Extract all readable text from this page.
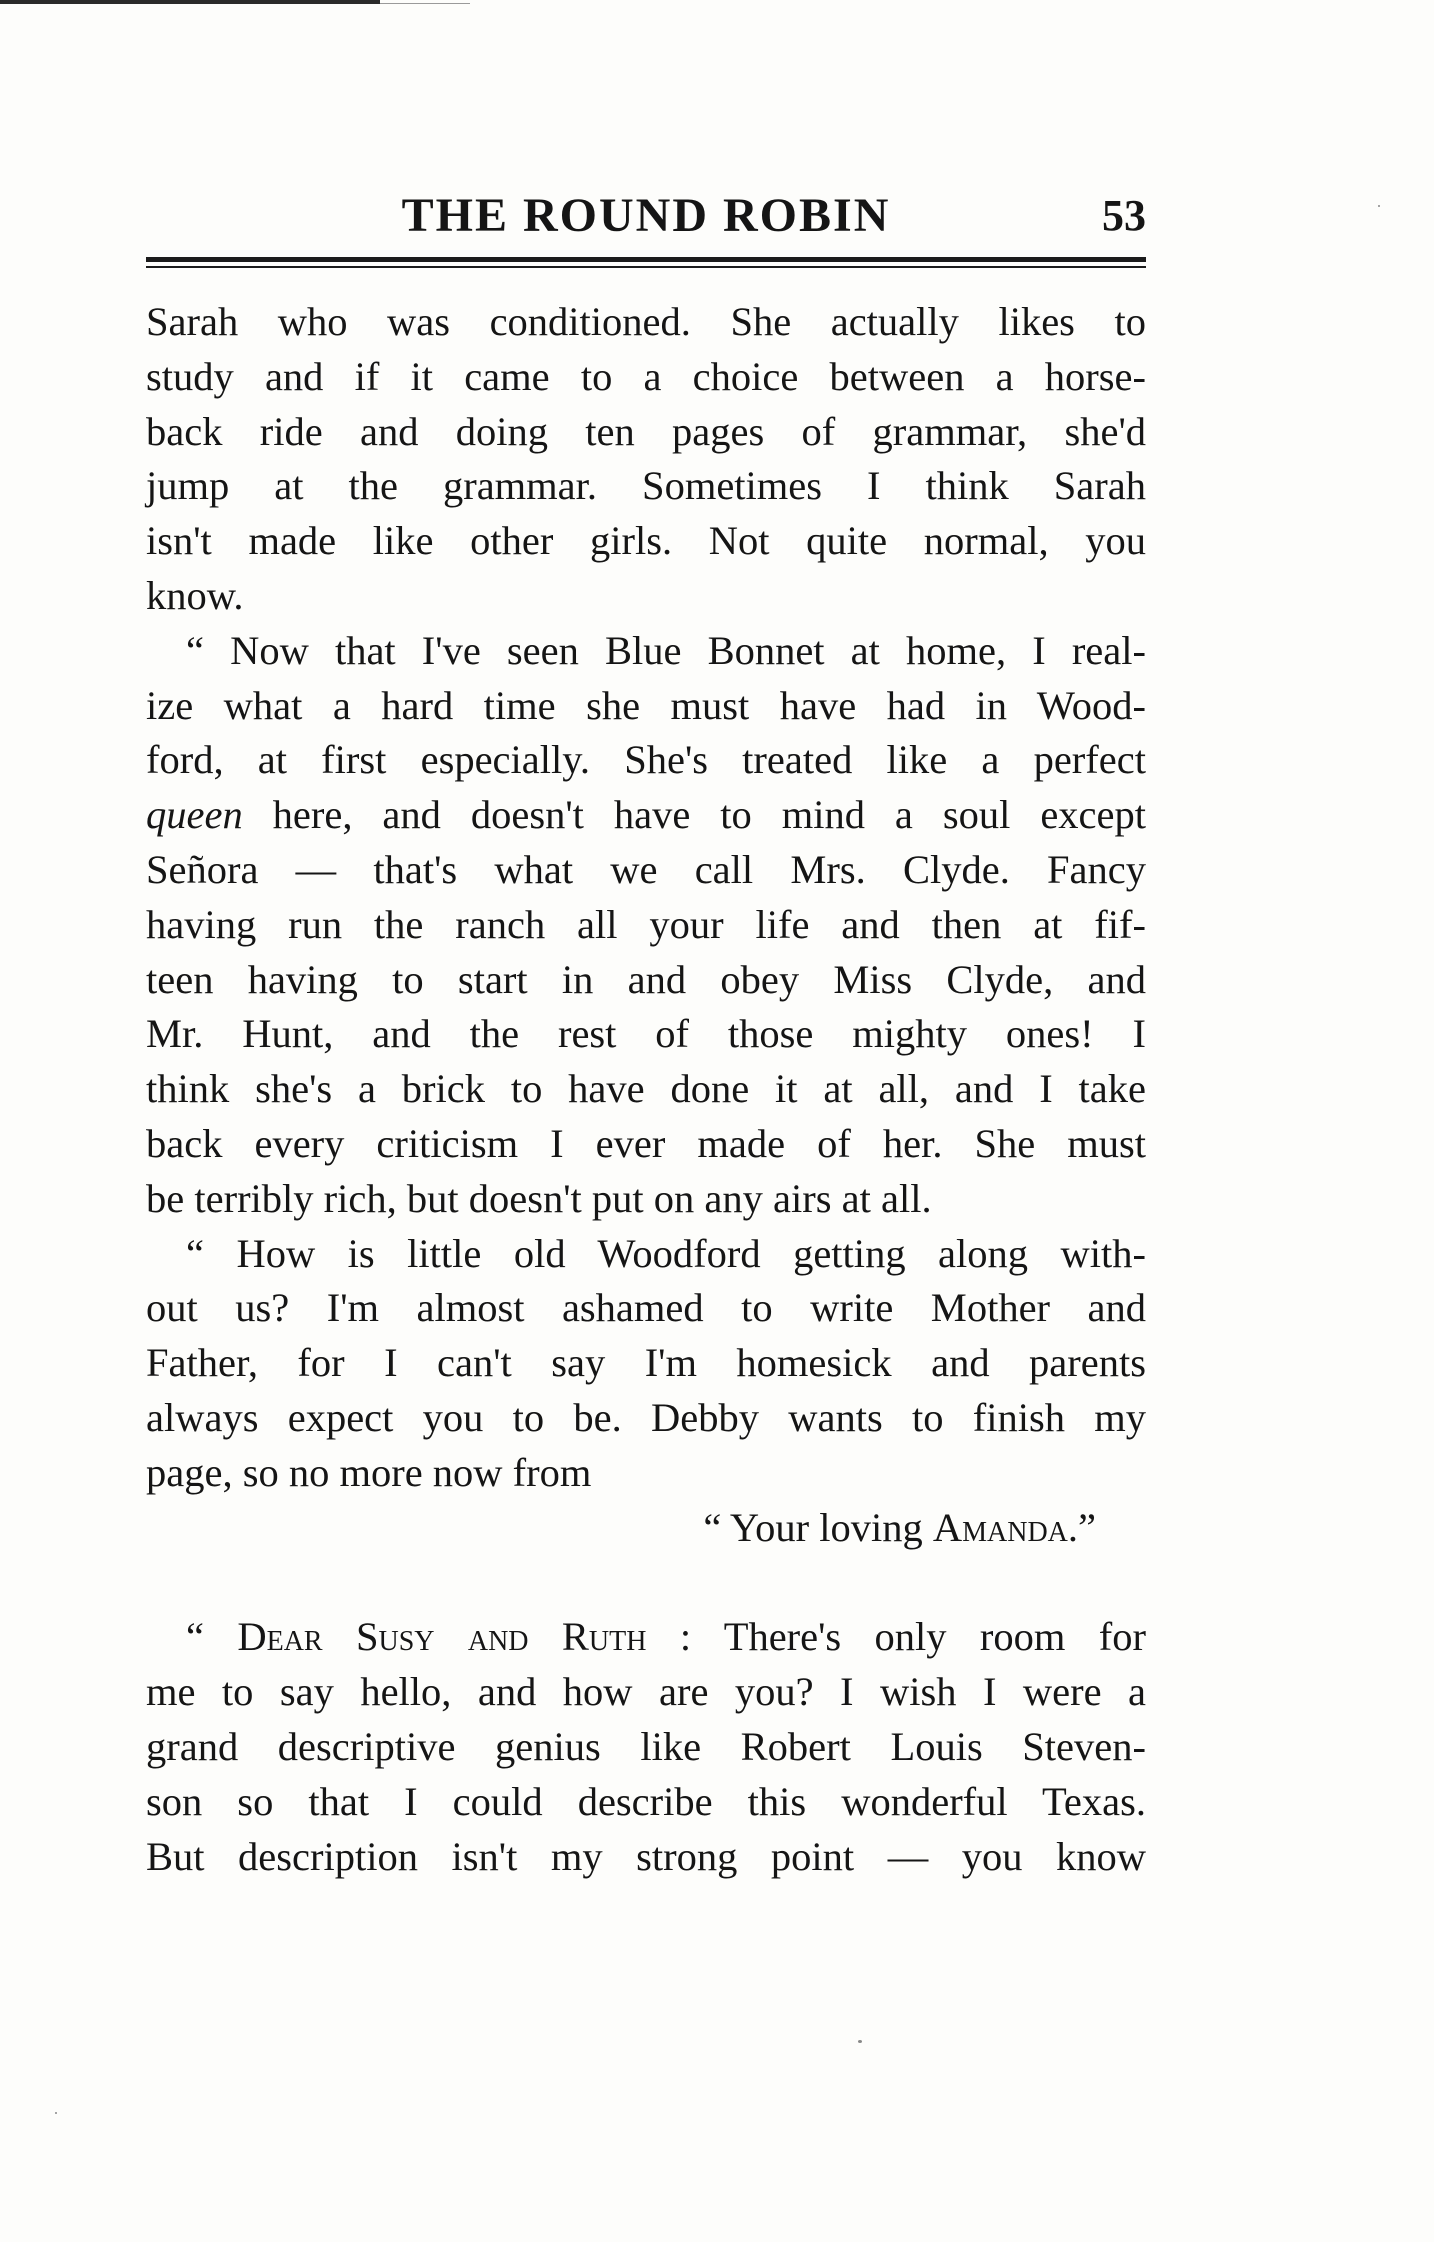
THE ROUND ROBIN	53
Sarah who was conditioned. She actually likes to
study and if it came to a choice between a horse-
back ride and doing ten pages of grammar, she'd
jump at the grammar. Sometimes I think Sarah
isn't made like other girls. Not quite normal, you
know.
“ Now that I've seen Blue Bonnet at home, I real-
ize what a hard time she must have had in Wood-
ford, at first especially. She's treated like a perfect
queen here, and doesn't have to mind a soul except
Señora — that's what we call Mrs. Clyde. Fancy
having run the ranch all your life and then at fif-
teen having to start in and obey Miss Clyde, and
Mr. Hunt, and the rest of those mighty ones! I
think she's a brick to have done it at all, and I take
back every criticism I ever made of her. She must
be terribly rich, but doesn't put on any airs at all.
“ How is little old Woodford getting along with-
out us? I'm almost ashamed to write Mother and
Father, for I can't say I'm homesick and parents
always expect you to be. Debby wants to finish my
page, so no more now from
“ Your loving Amanda.”
“ Dear Susy and Ruth : There's only room for
me to say hello, and how are you? I wish I were a
grand descriptive genius like Robert Louis Steven-
son so that I could describe this wonderful Texas.
But description isn't my strong point — you know
